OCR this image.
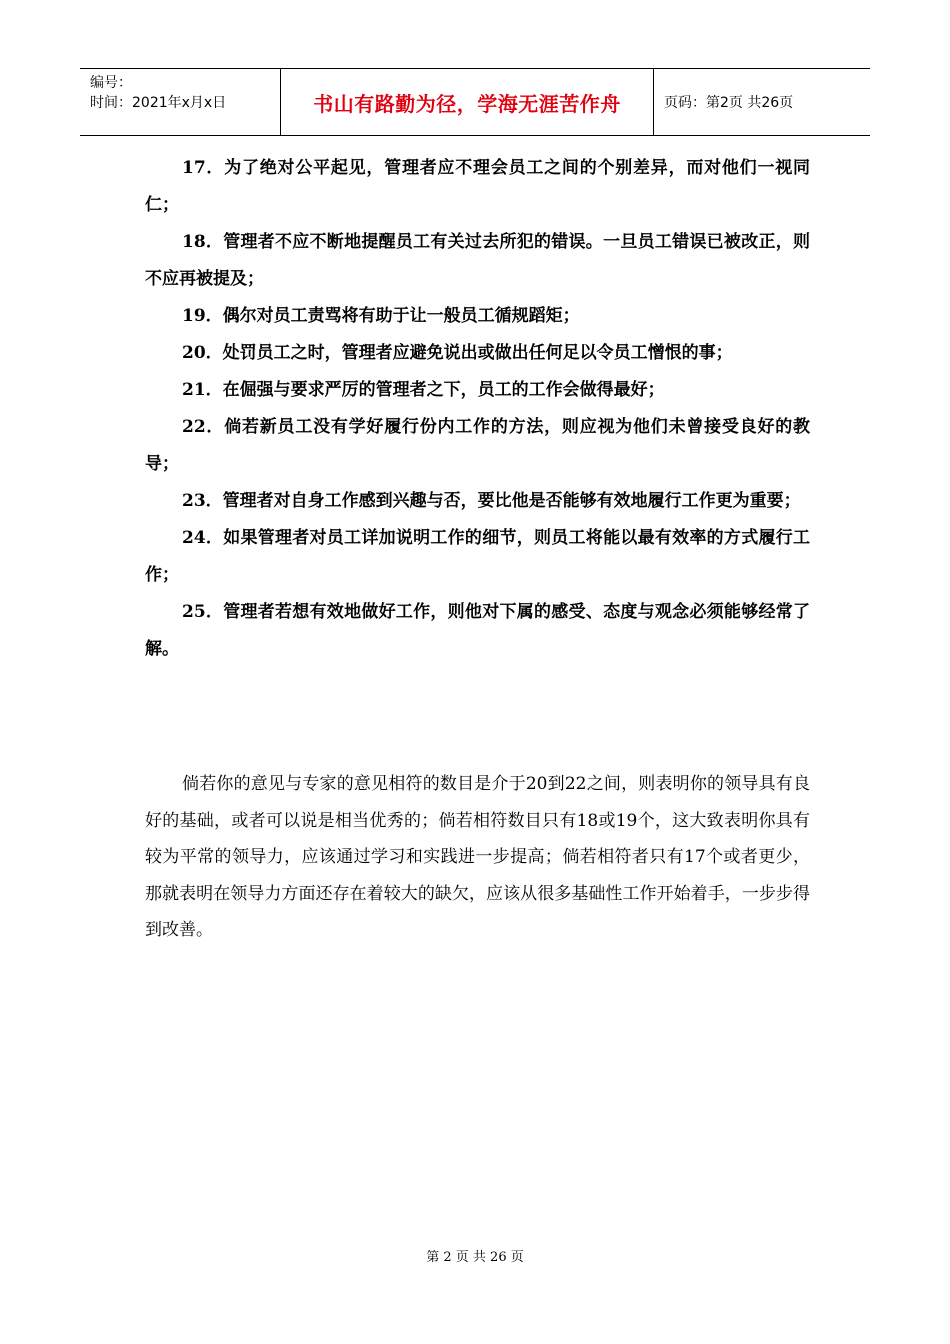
编号：
时间：2021年x月x日	书山有路勤为径，学海无涯苦作舟	页码：第2页 共26页

17．为了绝对公平起见，管理者应不理会员工之间的个别差异，而对他们一视同仁；

18．管理者不应不断地提醒员工有关过去所犯的错误。一旦员工错误已被改正，则不应再被提及；

19．偶尔对员工责骂将有助于让一般员工循规蹈矩；

20．处罚员工之时，管理者应避免说出或做出任何足以令员工憎恨的事；

21．在倔强与要求严厉的管理者之下，员工的工作会做得最好；

22．倘若新员工没有学好履行份内工作的方法，则应视为他们未曾接受良好的教导；

23．管理者对自身工作感到兴趣与否，要比他是否能够有效地履行工作更为重要；

24．如果管理者对员工详加说明工作的细节，则员工将能以最有效率的方式履行工作；

25．管理者若想有效地做好工作，则他对下属的感受、态度与观念必须能够经常了解。

倘若你的意见与专家的意见相符的数目是介于20到22之间，则表明你的领导具有良好的基础，或者可以说是相当优秀的；倘若相符数目只有18或19个，这大致表明你具有较为平常的领导力，应该通过学习和实践进一步提高；倘若相符者只有17个或者更少，那就表明在领导力方面还存在着较大的缺欠，应该从很多基础性工作开始着手，一步步得到改善。

第 2 页 共 26 页
